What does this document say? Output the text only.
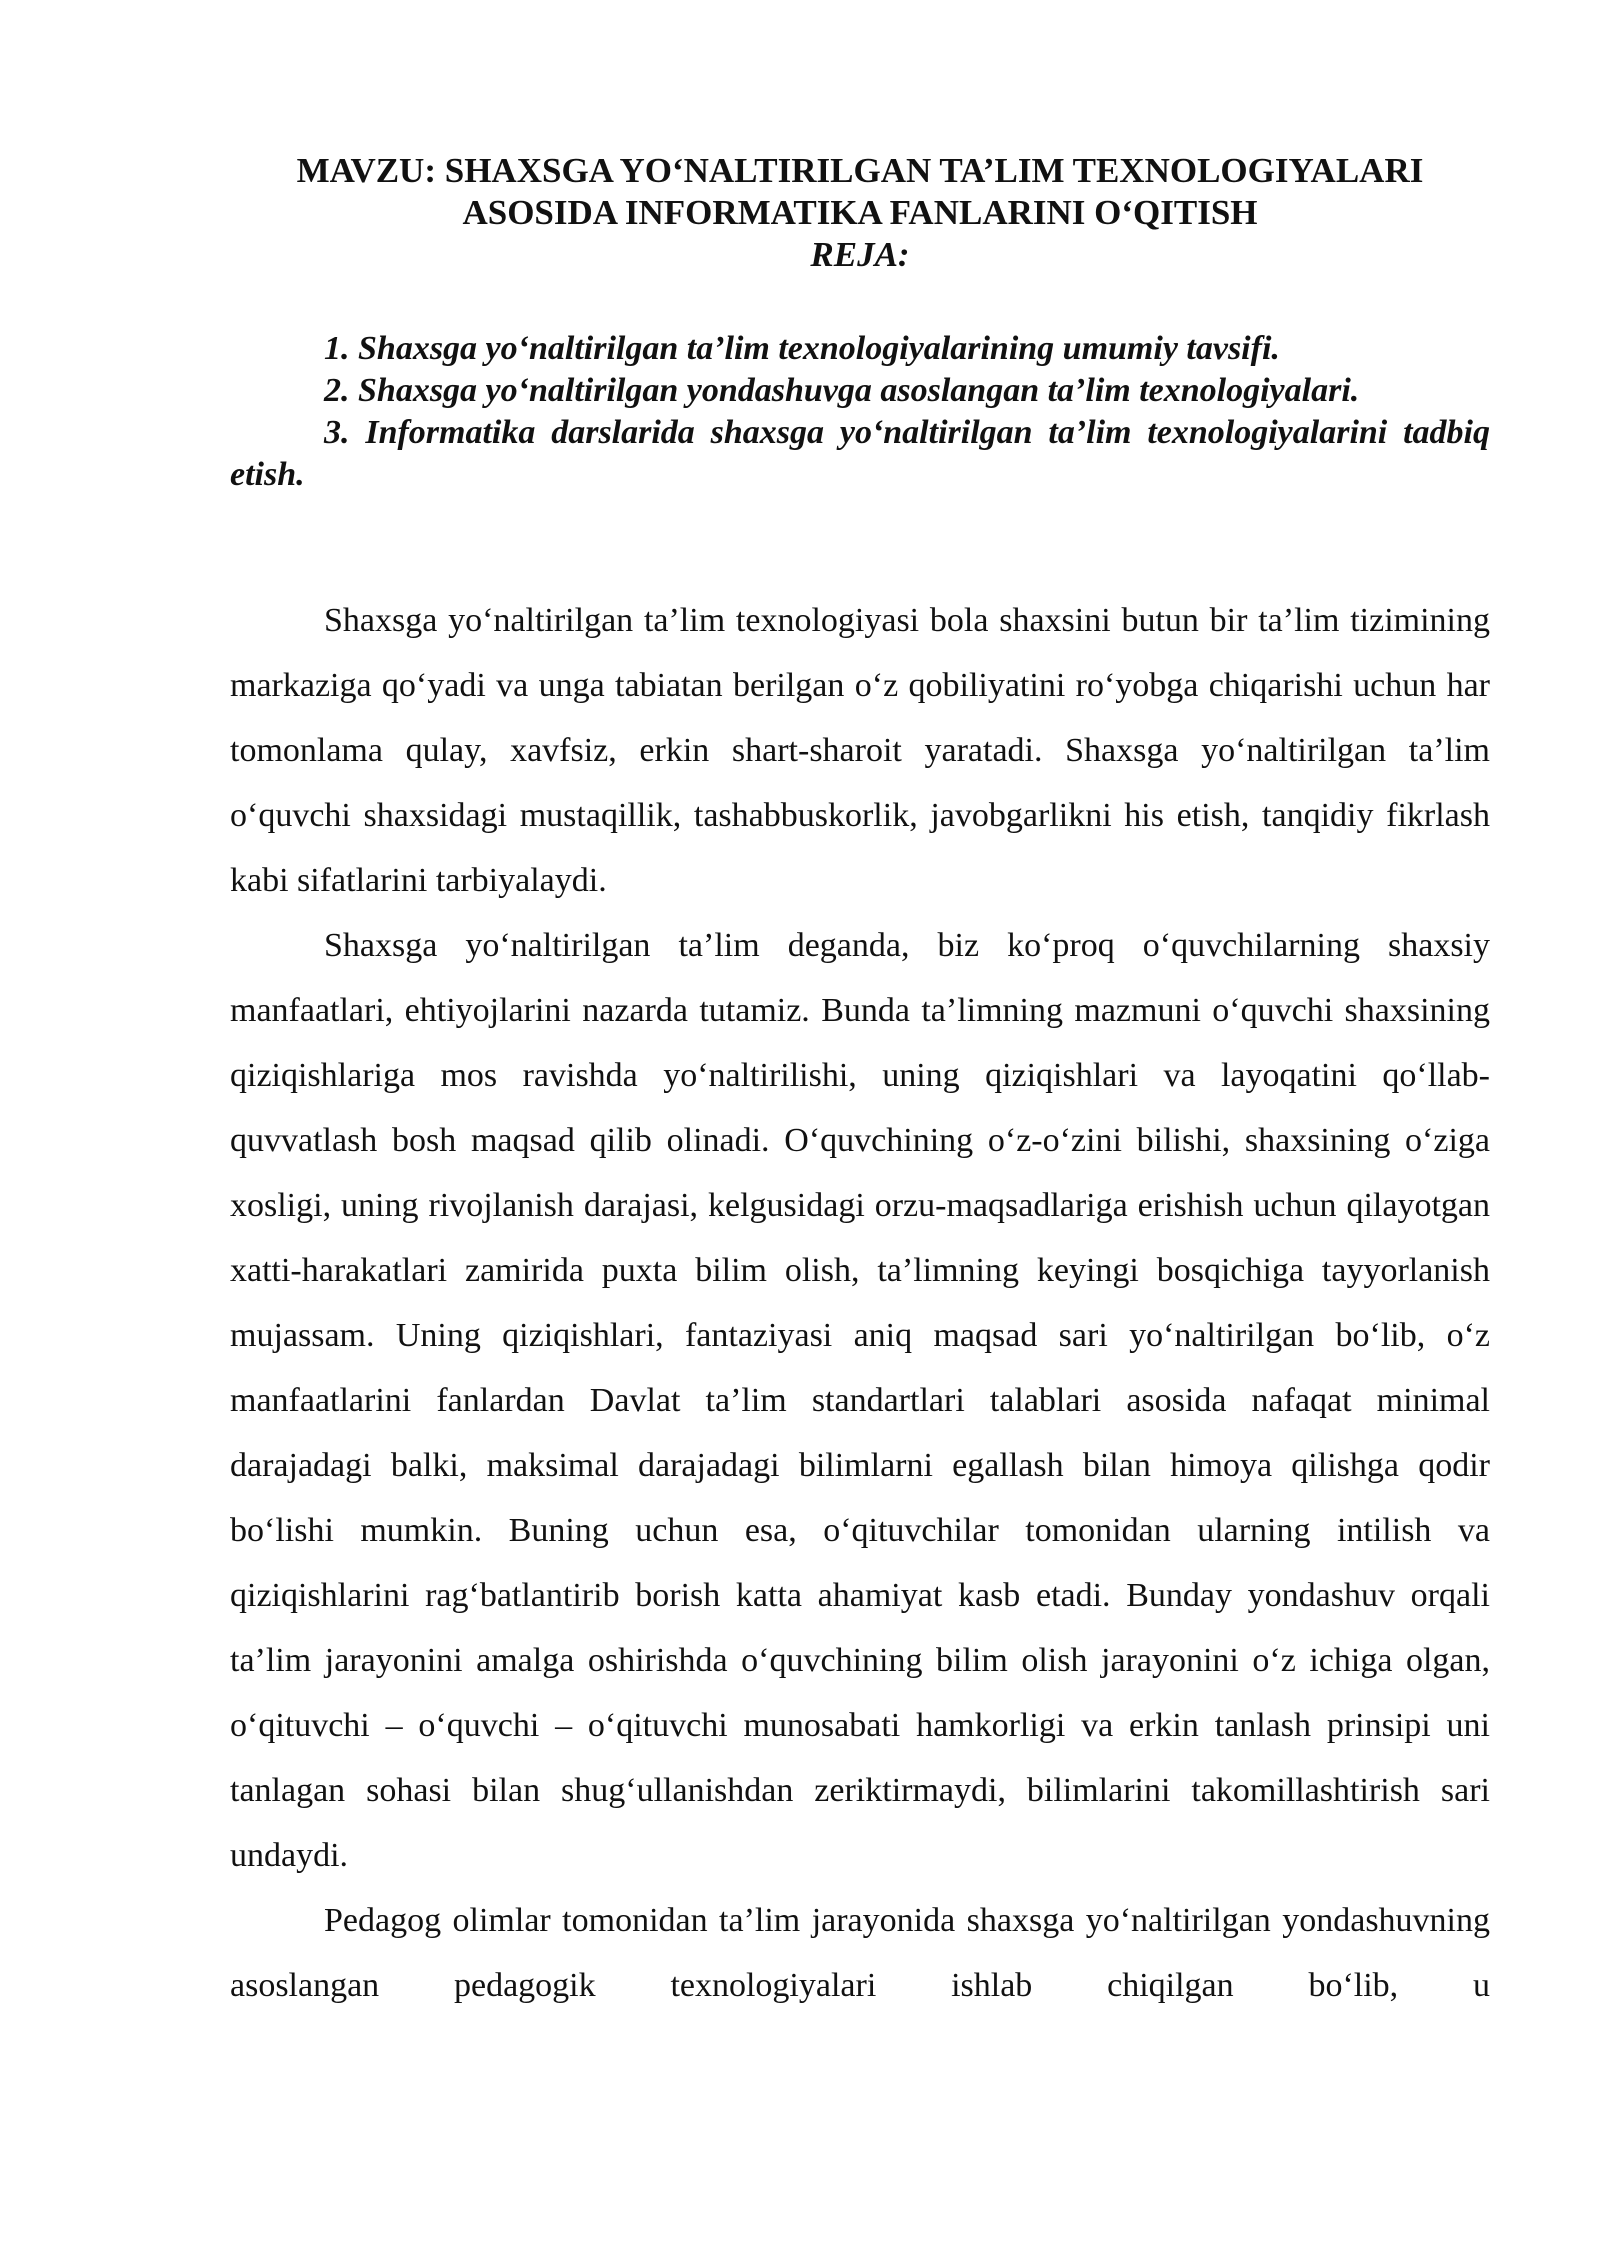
MAVZU: SHAXSGA YO‘NALTIRILGAN TA’LIM TEXNOLOGIYALARI
ASOSIDA INFORMATIKA FANLARINI O‘QITISH
REJA:
1. Shaxsga yo‘naltirilgan ta’lim texnologiyalarining umumiy tavsifi.
2. Shaxsga yo‘naltirilgan yondashuvga asoslangan ta’lim texnologiyalari.
3. Informatika darslarida shaxsga yo‘naltirilgan ta’lim texnologiyalarini tadbiq etish.

Shaxsga yo‘naltirilgan ta’lim texnologiyasi bola shaxsini butun bir ta’lim tizimining markaziga qo‘yadi va unga tabiatan berilgan o‘z qobiliyatini ro‘yobga chiqarishi uchun har tomonlama qulay, xavfsiz, erkin shart-sharoit yaratadi. Shaxsga yo‘naltirilgan ta’lim o‘quvchi shaxsidagi mustaqillik, tashabbuskorlik, javobgarlikni his etish, tanqidiy fikrlash kabi sifatlarini tarbiyalaydi.

Shaxsga yo‘naltirilgan ta’lim deganda, biz ko‘proq o‘quvchilarning shaxsiy manfaatlari, ehtiyojlarini nazarda tutamiz. Bunda ta’limning mazmuni o‘quvchi shaxsining qiziqishlariga mos ravishda yo‘naltirilishi, uning qiziqishlari va layoqatini qo‘llab-quvvatlash bosh maqsad qilib olinadi. O‘quvchining o‘z-o‘zini bilishi, shaxsining o‘ziga xosligi, uning rivojlanish darajasi, kelgusidagi orzu-maqsadlariga erishish uchun qilayotgan xatti-harakatlari zamirida puxta bilim olish, ta’limning keyingi bosqichiga tayyorlanish mujassam. Uning qiziqishlari, fantaziyasi aniq maqsad sari yo‘naltirilgan bo‘lib, o‘z manfaatlarini fanlardan Davlat ta’lim standartlari talablari asosida nafaqat minimal darajadagi balki, maksimal darajadagi bilimlarni egallash bilan himoya qilishga qodir bo‘lishi mumkin. Buning uchun esa, o‘qituvchilar tomonidan ularning intilish va qiziqishlarini rag‘batlantirib borish katta ahamiyat kasb etadi. Bunday yondashuv orqali ta’lim jarayonini amalga oshirishda o‘quvchining bilim olish jarayonini o‘z ichiga olgan, o‘qituvchi – o‘quvchi – o‘qituvchi munosabati hamkorligi va erkin tanlash prinsipi uni tanlagan sohasi bilan shug‘ullanishdan zeriktirmaydi, bilimlarini takomillashtirish sari undaydi.

Pedagog olimlar tomonidan ta’lim jarayonida shaxsga yo‘naltirilgan yondashuvning asoslangan pedagogik texnologiyalari ishlab chiqilgan bo‘lib, u
